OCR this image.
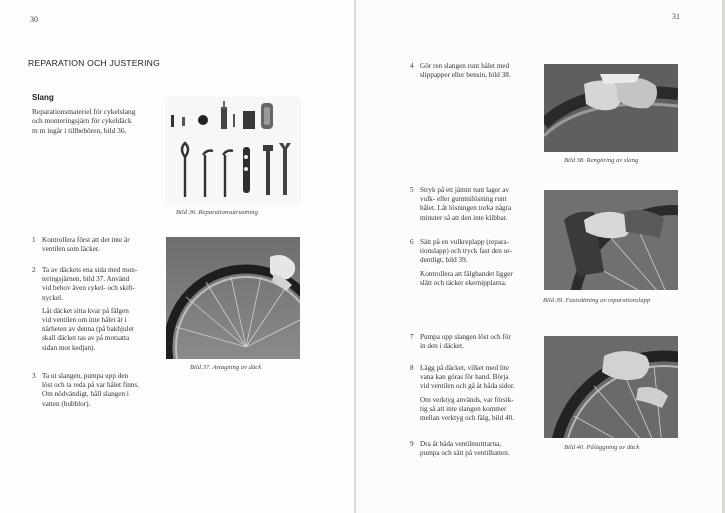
30
REPARATION OCH JUSTERING
Slang
Reparationsmateriel för cykelslang
och monteringsjärn för cykeldäck
m m ingår i tillbehören, bild 36.
Bild 36. Reparationsutrustning
Bild 37. Avtagning av däck
1 Kontrollera först att det inte är
ventilen som läcker.
2 Ta av däckets ena sida med mon-
teringsjärnen, bild 37. Använd
vid behov även cykel- och skift-
nyckel.
Låt däcket sitta kvar på fälgen
vid ventilen om inte hålet är i
närheten av denna (på bakhjulet
skall däcket tas av på motsatta
sidan mot kedjan).
3 Ta ut slangen, pumpa upp den
löst och ta reda på var hålet finns.
Om nödvändigt, håll slangen i
vatten (bubblor).
31
4 Gör ren slangen runt hålet med
slippapper eller bensin, bild 38.
Bild 38. Rengöring av slang
5 Stryk på ett jämnt tunt lager av
vulk- eller gummilösning runt
hålet. Låt lösningen torka några
minuter så att den inte klibbar.
6 Sätt på en vulkreplapp (repara-
tionslapp) och tryck fast den or-
dentligt, bild 39.
Kontrollera att fälgbandet ligger
slätt och täcker ekernipplarna.
Bild 39. Fastsättning av reparationslapp
7 Pumpa upp slangen löst och för
in den i däcket.
8 Lägg på däcket, vilket med lite
vana kan göras för hand. Börja
vid ventilen och gå åt båda sidor.
Om verktyg används, var försik-
tig så att inte slangen kommer
mellan verktyg och fälg, bild 40.
9 Dra åt båda ventilmuttrarna,
pumpa och sätt på ventilhatten.
Bild 40. Påläggning av däck
